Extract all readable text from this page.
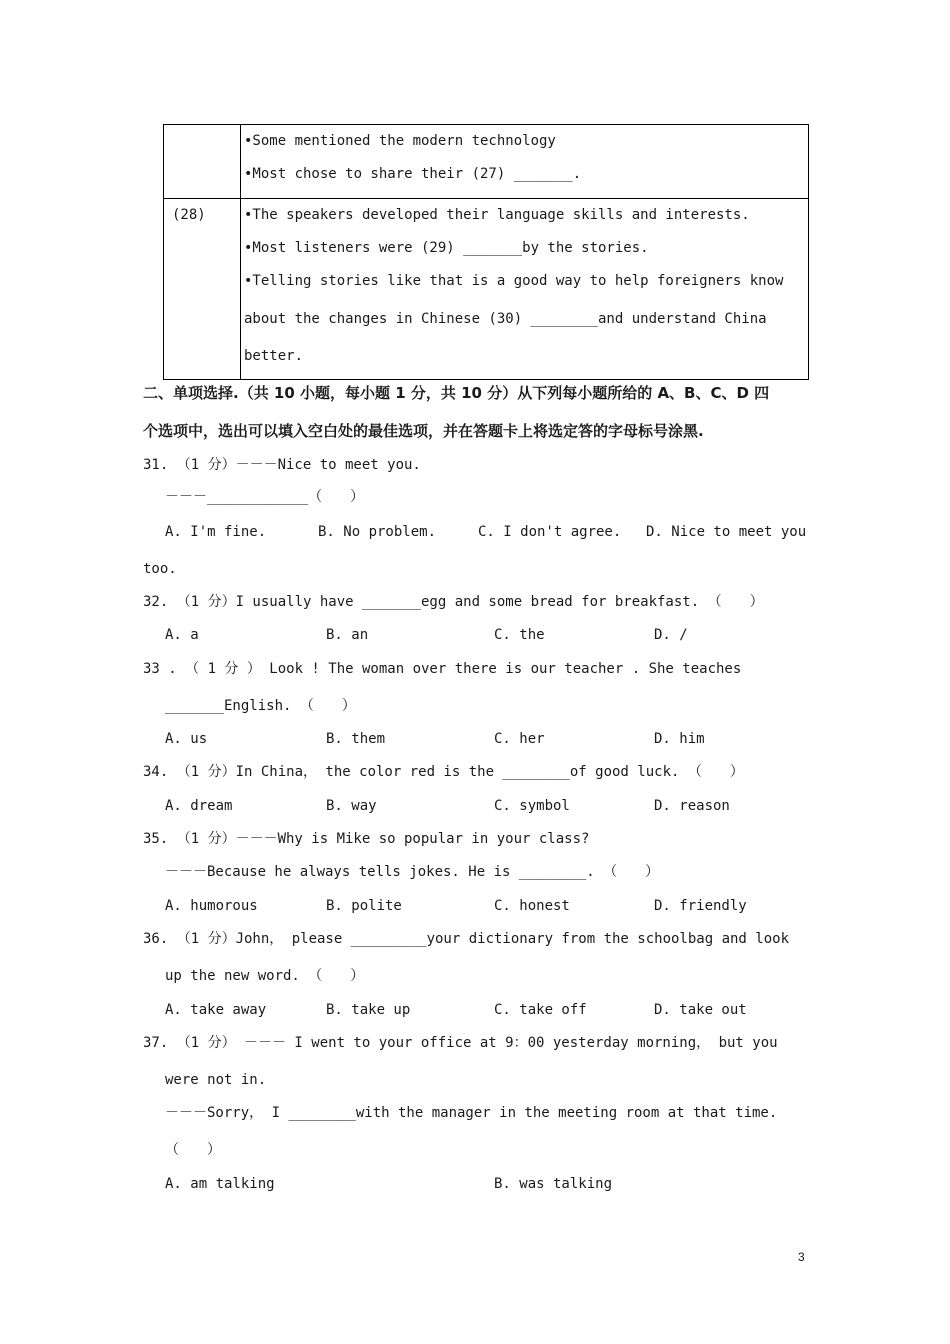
•Some mentioned the modern technology
•Most chose to share their (27) _______.
(28)	•The speakers developed their language skills and interests.
•Most listeners were (29) _______by the stories.
•Telling stories like that is a good way to help foreigners know
about the changes in Chinese (30) ________and understand China
better.
二、单项选择.（共 10 小题，每小题 1 分，共 10 分）从下列每小题所给的 A、B、C、D 四
个选项中，选出可以填入空白处的最佳选项，并在答题卡上将选定答的字母标号涂黑.
31. （1 分）－－－Nice to meet you.
－－－____________（　　）
A. I'm fine.	B. No problem.	C. I don't agree. D. Nice to meet you
too.
32. （1 分）I usually have _______egg and some bread for breakfast. （　　）
A. a	B. an	C. the	D. /
33 . （ 1 分 ） Look ! The woman over there is our teacher . She teaches
_______English. （　　）
A. us	B. them	C. her	D. him
34. （1 分）In China， the color red is the ________of good luck. （　　）
A. dream	B. way	C. symbol	D. reason
35. （1 分）－－－Why is Mike so popular in your class?
－－－Because he always tells jokes. He is ________. （　　）
A. humorous	B. polite	C. honest	D. friendly
36. （1 分）John， please _________your dictionary from the schoolbag and look
up the new word. （　　）
A. take away	B. take up	C. take off	D. take out
37. （1 分） －－－ I went to your office at 9：00 yesterday morning， but you
were not in.
－－－Sorry， I ________with the manager in the meeting room at that time.
（　　）
A. am talking	B. was talking
3
